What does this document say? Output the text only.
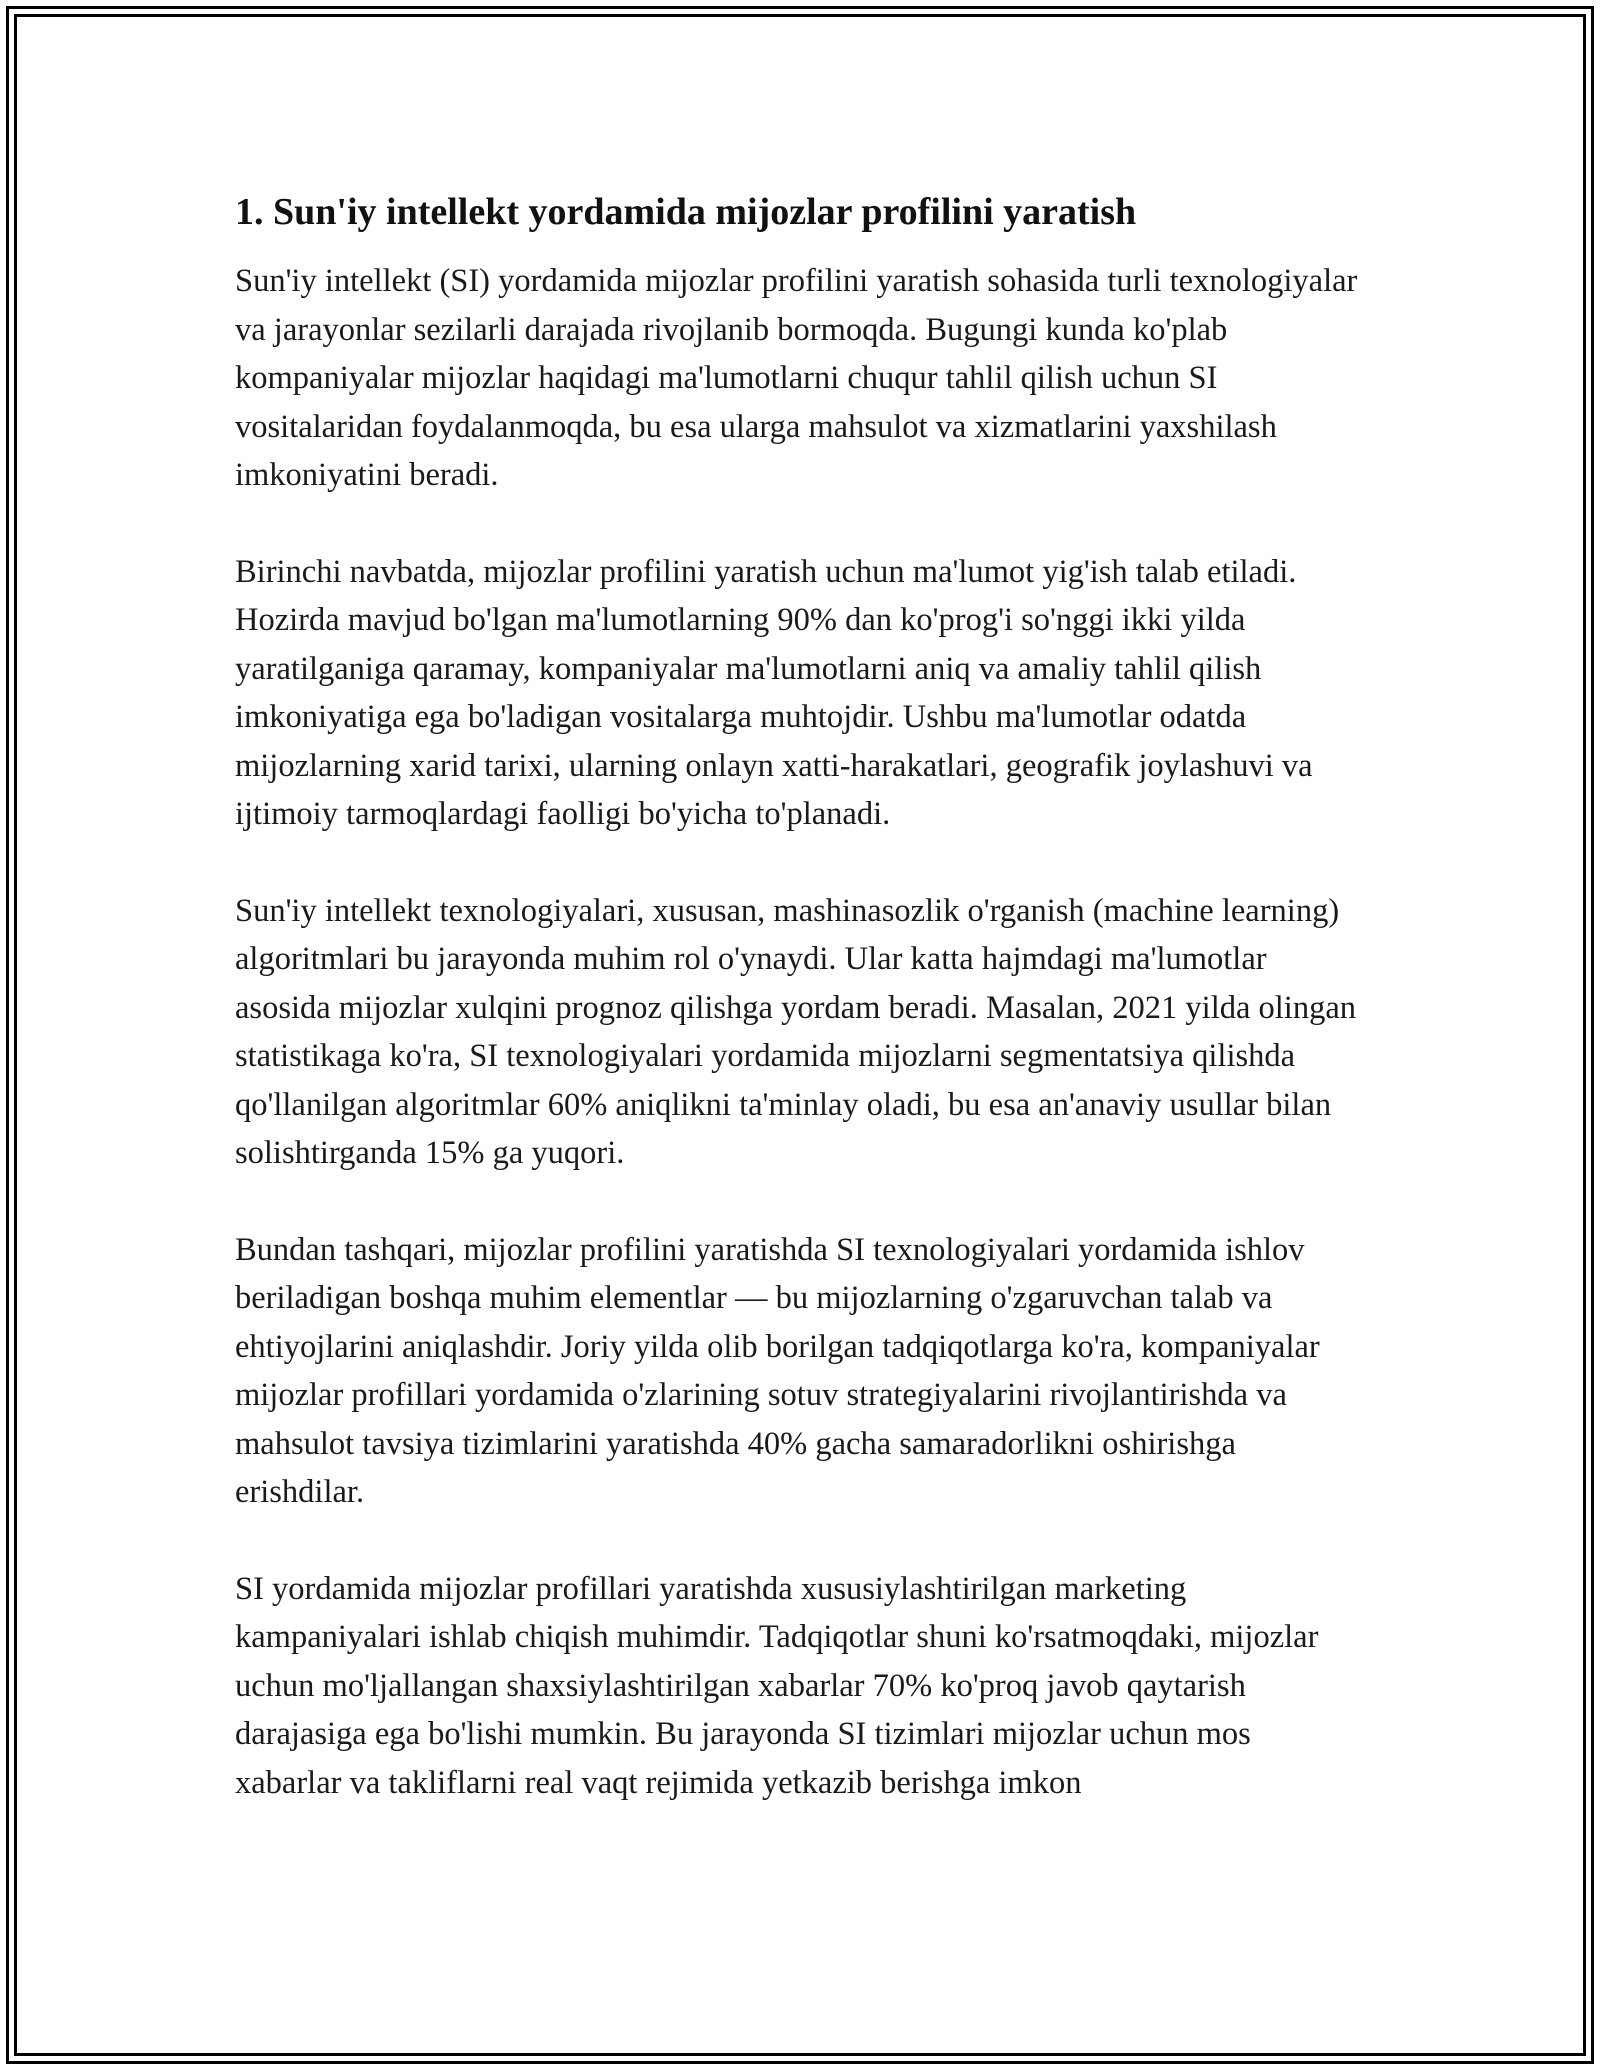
1. Sun'iy intellekt yordamida mijozlar profilini yaratish

Sun'iy intellekt (SI) yordamida mijozlar profilini yaratish sohasida turli texnologiyalar va jarayonlar sezilarli darajada rivojlanib bormoqda. Bugungi kunda ko'plab kompaniyalar mijozlar haqidagi ma'lumotlarni chuqur tahlil qilish uchun SI vositalaridan foydalanmoqda, bu esa ularga mahsulot va xizmatlarini yaxshilash imkoniyatini beradi.

Birinchi navbatda, mijozlar profilini yaratish uchun ma'lumot yig'ish talab etiladi. Hozirda mavjud bo'lgan ma'lumotlarning 90% dan ko'prog'i so'nggi ikki yilda yaratilganiga qaramay, kompaniyalar ma'lumotlarni aniq va amaliy tahlil qilish imkoniyatiga ega bo'ladigan vositalarga muhtojdir. Ushbu ma'lumotlar odatda mijozlarning xarid tarixi, ularning onlayn xatti-harakatlari, geografik joylashuvi va ijtimoiy tarmoqlardagi faolligi bo'yicha to'planadi.

Sun'iy intellekt texnologiyalari, xususan, mashinasozlik o'rganish (machine learning) algoritmlari bu jarayonda muhim rol o'ynaydi. Ular katta hajmdagi ma'lumotlar asosida mijozlar xulqini prognoz qilishga yordam beradi. Masalan, 2021 yilda olingan statistikaga ko'ra, SI texnologiyalari yordamida mijozlarni segmentatsiya qilishda qo'llanilgan algoritmlar 60% aniqlikni ta'minlay oladi, bu esa an'anaviy usullar bilan solishtirganda 15% ga yuqori.

Bundan tashqari, mijozlar profilini yaratishda SI texnologiyalari yordamida ishlov beriladigan boshqa muhim elementlar — bu mijozlarning o'zgaruvchan talab va ehtiyojlarini aniqlashdir. Joriy yilda olib borilgan tadqiqotlarga ko'ra, kompaniyalar mijozlar profillari yordamida o'zlarining sotuv strategiyalarini rivojlantirishda va mahsulot tavsiya tizimlarini yaratishda 40% gacha samaradorlikni oshirishga erishdilar.

SI yordamida mijozlar profillari yaratishda xususiylashtirilgan marketing kampaniyalari ishlab chiqish muhimdir. Tadqiqotlar shuni ko'rsatmoqdaki, mijozlar uchun mo'ljallangan shaxsiylashtirilgan xabarlar 70% ko'proq javob qaytarish darajasiga ega bo'lishi mumkin. Bu jarayonda SI tizimlari mijozlar uchun mos xabarlar va takliflarni real vaqt rejimida yetkazib berishga imkon
